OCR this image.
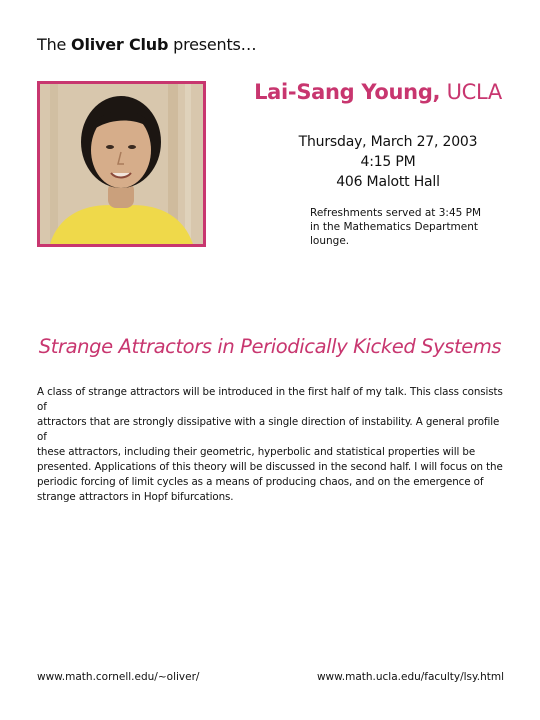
The Oliver Club presents…
Lai-Sang Young, UCLA
Thursday, March 27, 2003
4:15 PM
406 Malott Hall
Refreshments served at 3:45 PM
in the Mathematics Department
lounge.
Strange Attractors in Periodically Kicked Systems
A class of strange attractors will be introduced in the first half of my talk. This class consists of
attractors that are strongly dissipative with a single direction of instability. A general profile of
these attractors, including their geometric, hyperbolic and statistical properties will be
presented. Applications of this theory will be discussed in the second half. I will focus on the
periodic forcing of limit cycles as a means of producing chaos, and on the emergence of
strange attractors in Hopf bifurcations.
www.math.cornell.edu/~oliver/	www.math.ucla.edu/faculty/lsy.html
